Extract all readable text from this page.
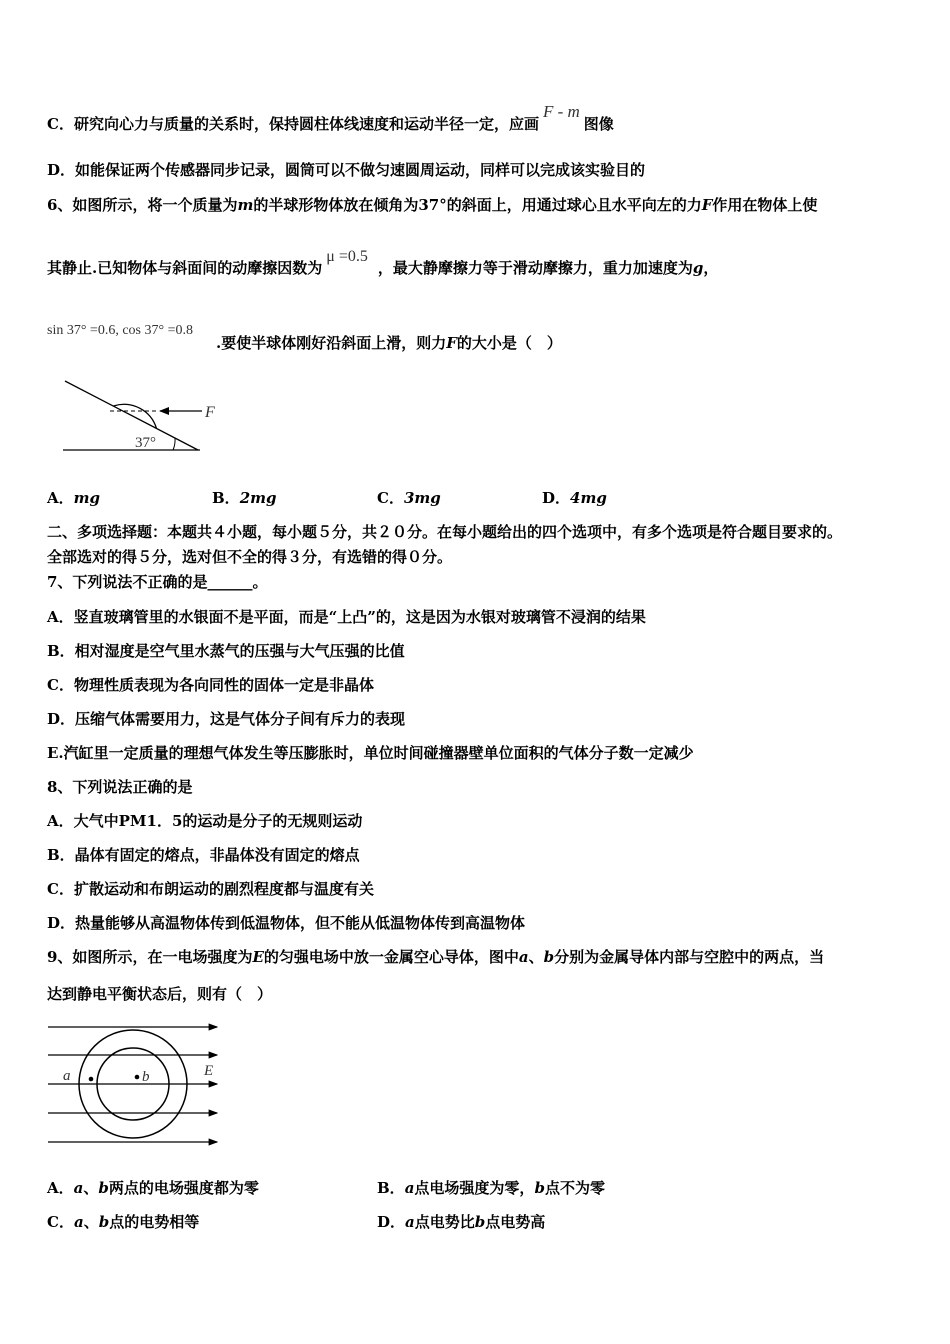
C．研究向心力与质量的关系时，保持圆柱体线速度和运动半径一定，应画F - m图像
D．如能保证两个传感器同步记录，圆筒可以不做匀速圆周运动，同样可以完成该实验目的
6、如图所示，将一个质量为m的半球形物体放在倾角为37°的斜面上，用通过球心且水平向左的力F作用在物体上使
其静止.已知物体与斜面间的动摩擦因数为μ =0.5，最大静摩擦力等于滑动摩擦力，重力加速度为g，
sin 37° =0.6, cos 37° =0.8
.要使半球体刚好沿斜面上滑，则力F的大小是（　）
F
37°
A．mg	B．2mg	C．3mg	D．4mg
二、多项选择题：本题共４小题，每小题５分，共２０分。在每小题给出的四个选项中，有多个选项是符合题目要求的。
全部选对的得５分，选对但不全的得３分，有选错的得０分。
7、下列说法不正确的是______。
A．竖直玻璃管里的水银面不是平面，而是“上凸”的，这是因为水银对玻璃管不浸润的结果
B．相对湿度是空气里水蒸气的压强与大气压强的比值
C．物理性质表现为各向同性的固体一定是非晶体
D．压缩气体需要用力，这是气体分子间有斥力的表现
E.汽缸里一定质量的理想气体发生等压膨胀时，单位时间碰撞器壁单位面积的气体分子数一定减少
8、下列说法正确的是
A．大气中PM1．5的运动是分子的无规则运动
B．晶体有固定的熔点，非晶体没有固定的熔点
C．扩散运动和布朗运动的剧烈程度都与温度有关
D．热量能够从高温物体传到低温物体，但不能从低温物体传到高温物体
9、如图所示，在一电场强度为E的匀强电场中放一金属空心导体，图中a、b分别为金属导体内部与空腔中的两点，当
达到静电平衡状态后，则有（　）
a	b	E
A．a、b两点的电场强度都为零	B．a点电场强度为零，b点不为零
C．a、b点的电势相等	D．a点电势比b点电势高
